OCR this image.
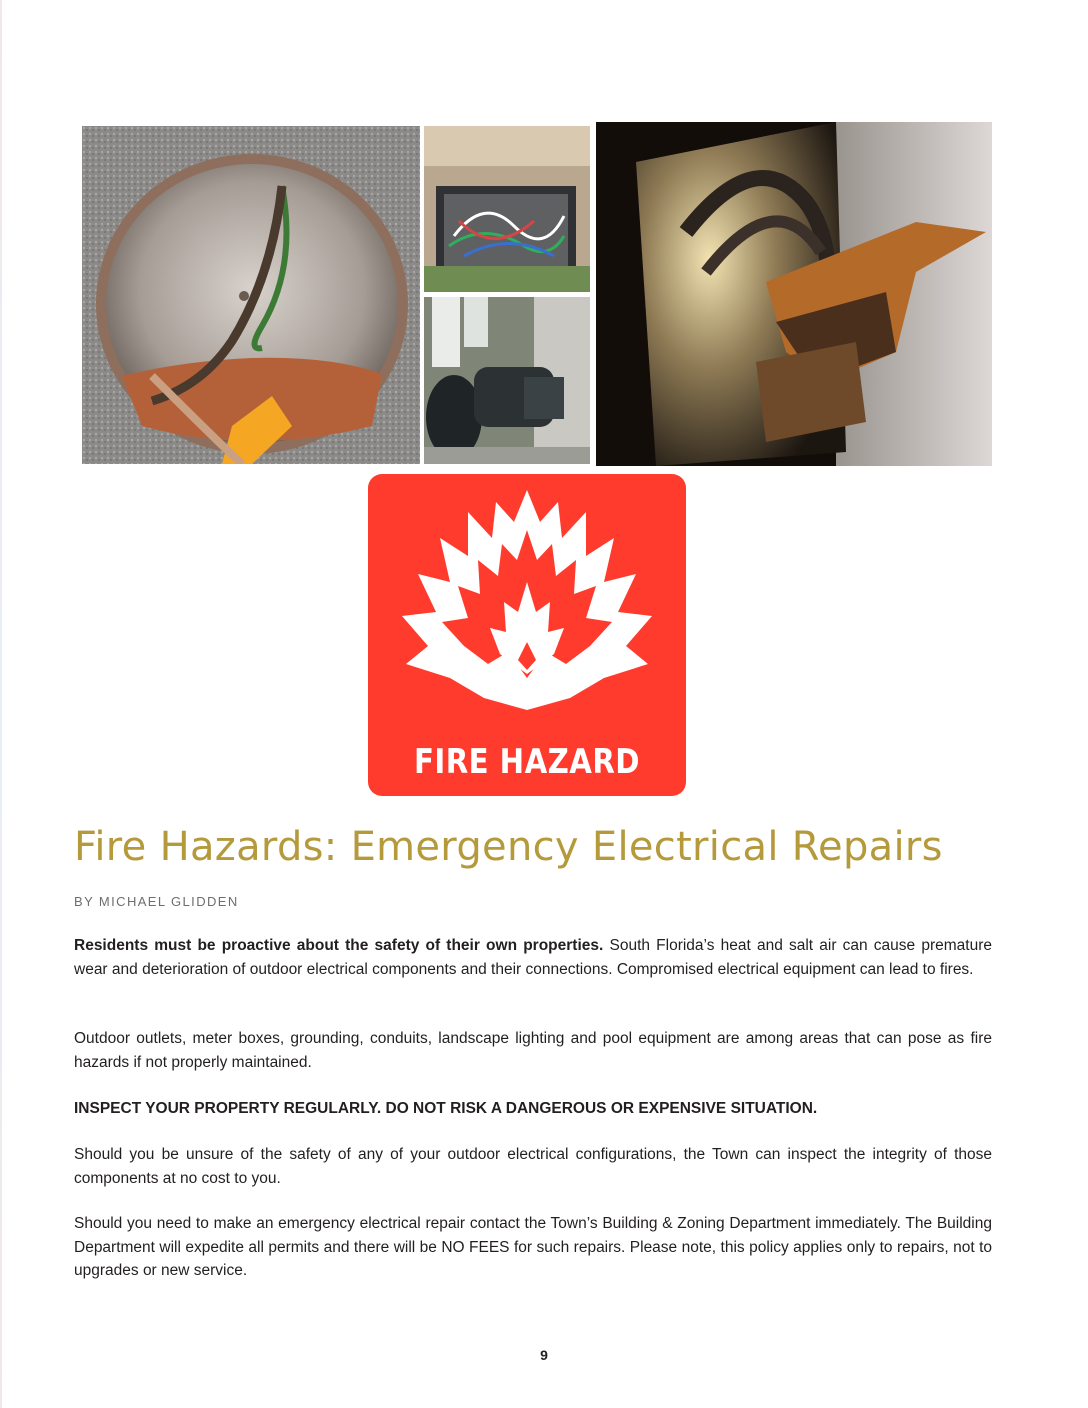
FIRE HAZARD
Fire Hazards: Emergency Electrical Repairs
BY MICHAEL GLIDDEN

Residents must be proactive about the safety of their own properties. South Florida’s heat and salt air can cause premature wear and deterioration of outdoor electrical components and their connections. Compromised electrical equipment can lead to fires.

Outdoor outlets, meter boxes, grounding, conduits, landscape lighting and pool equipment are among areas that can pose as fire hazards if not properly maintained.

INSPECT YOUR PROPERTY REGULARLY. DO NOT RISK A DANGEROUS OR EXPENSIVE SITUATION.

Should you be unsure of the safety of any of your outdoor electrical configurations, the Town can inspect the integrity of those components at no cost to you.

Should you need to make an emergency electrical repair contact the Town’s Building & Zoning Department immediately. The Building Department will expedite all permits and there will be NO FEES for such repairs. Please note, this policy applies only to repairs, not to upgrades or new service.

9
